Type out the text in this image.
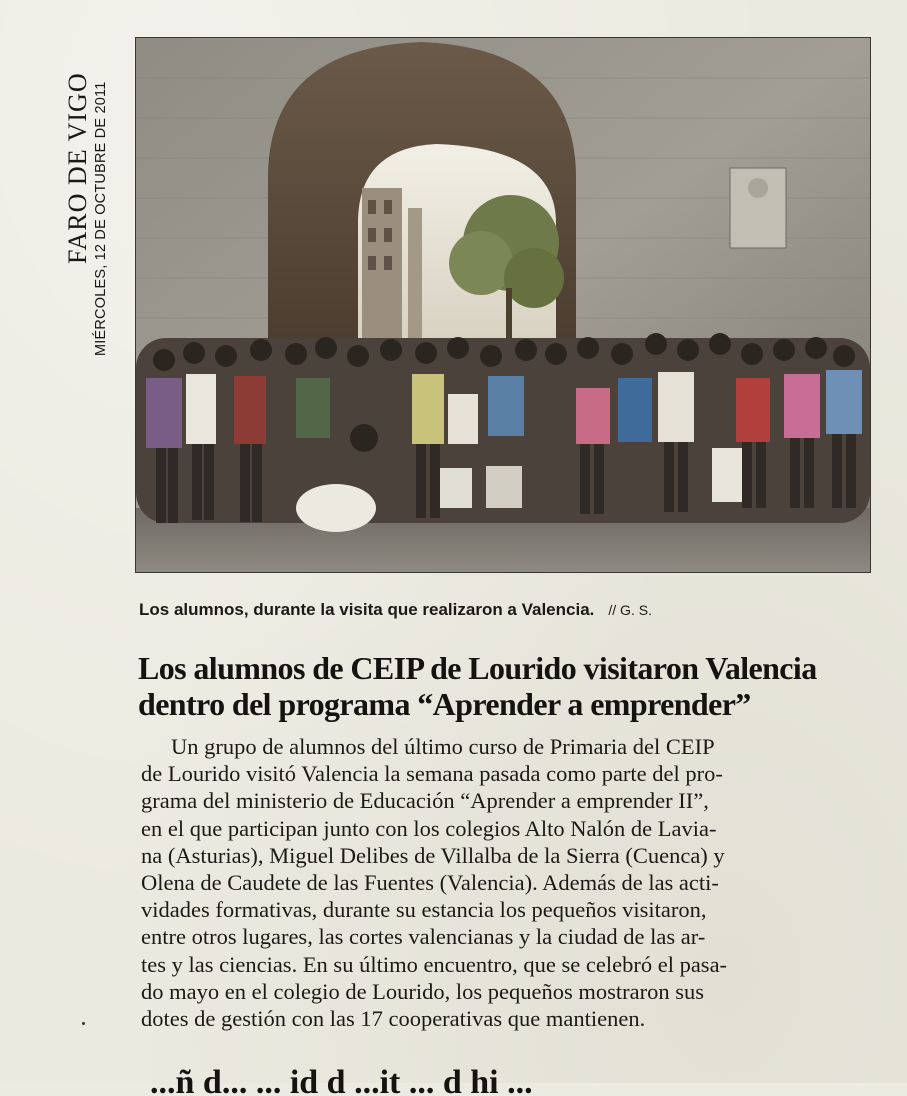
FARO DE VIGO MIÉRCOLES, 12 DE OCTUBRE DE 2011
Los alumnos, durante la visita que realizaron a Valencia. // G. S.
Los alumnos de CEIP de Lourido visitaron Valencia
dentro del programa “Aprender a emprender”
Un grupo de alumnos del último curso de Primaria del CEIP
de Lourido visitó Valencia la semana pasada como parte del pro-
grama del ministerio de Educación “Aprender a emprender II”,
en el que participan junto con los colegios Alto Nalón de Lavia-
na (Asturias), Miguel Delibes de Villalba de la Sierra (Cuenca) y
Olena de Caudete de las Fuentes (Valencia). Además de las acti-
vidades formativas, durante su estancia los pequeños visitaron,
entre otros lugares, las cortes valencianas y la ciudad de las ar-
tes y las ciencias. En su último encuentro, que se celebró el pasa-
do mayo en el colegio de Lourido, los pequeños mostraron sus
dotes de gestión con las 17 cooperativas que mantienen.
...ñ d... ... id d ...it ... d hi ...
